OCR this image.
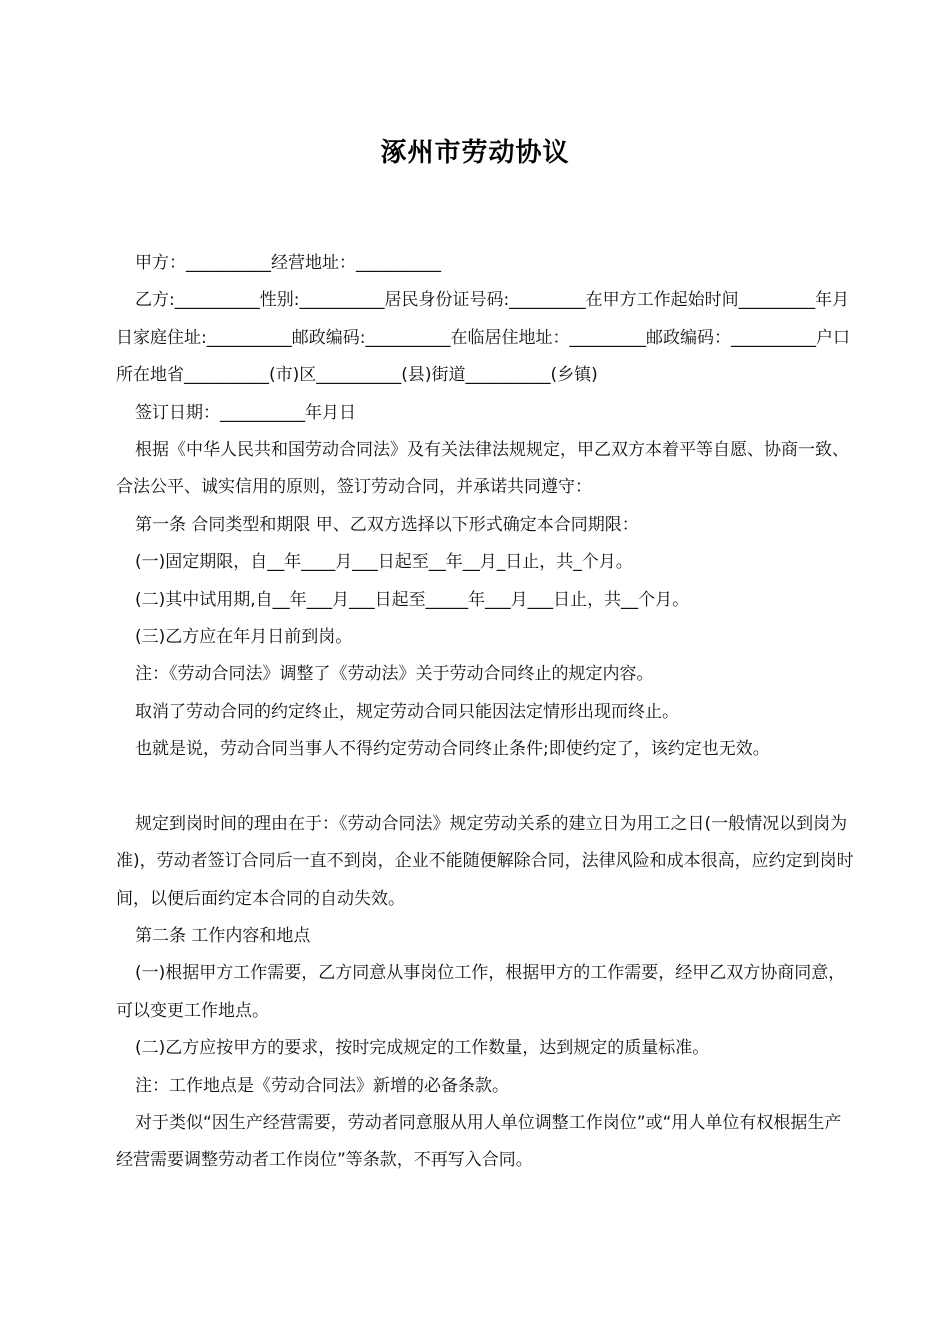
涿州市劳动协议

甲方：__________经营地址：__________

乙方:__________性别:__________居民身份证号码:_________在甲方工作起始时间_________年月日家庭住址:__________邮政编码:__________在临居住地址：_________邮政编码：__________户口所在地省__________(市)区__________(县)街道__________(乡镇)

签订日期：__________年月日

根据《中华人民共和国劳动合同法》及有关法律法规规定，甲乙双方本着平等自愿、协商一致、合法公平、诚实信用的原则，签订劳动合同，并承诺共同遵守：

第一条 合同类型和期限 甲、乙双方选择以下形式确定本合同期限：

(一)固定期限，自__年____月___日起至__年__月_日止，共_个月。

(二)其中试用期,自__年___月___日起至_____年___月___日止，共__个月。

(三)乙方应在年月日前到岗。

注：《劳动合同法》调整了《劳动法》关于劳动合同终止的规定内容。

取消了劳动合同的约定终止，规定劳动合同只能因法定情形出现而终止。

也就是说，劳动合同当事人不得约定劳动合同终止条件;即使约定了，该约定也无效。

规定到岗时间的理由在于：《劳动合同法》规定劳动关系的建立日为用工之日(一般情况以到岗为准)，劳动者签订合同后一直不到岗，企业不能随便解除合同，法律风险和成本很高，应约定到岗时间，以便后面约定本合同的自动失效。

第二条 工作内容和地点

(一)根据甲方工作需要，乙方同意从事岗位工作，根据甲方的工作需要，经甲乙双方协商同意，可以变更工作地点。

(二)乙方应按甲方的要求，按时完成规定的工作数量，达到规定的质量标准。

注：工作地点是《劳动合同法》新增的必备条款。

对于类似“因生产经营需要，劳动者同意服从用人单位调整工作岗位”或“用人单位有权根据生产经营需要调整劳动者工作岗位”等条款，不再写入合同。
